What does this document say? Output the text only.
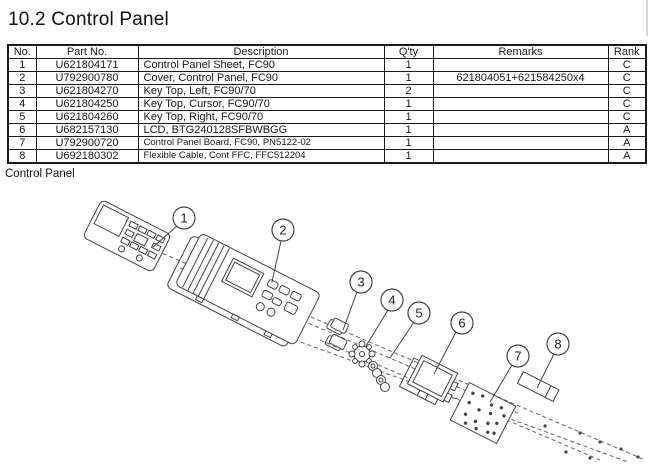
10.2 Control Panel
No.	Part No.	Description	Q'ty	Remarks	Rank
1	U621804171	Control Panel Sheet, FC90	1		C
2	U792900780	Cover, Control Panel, FC90	1	621804051+621584250x4	C
3	U621804270	Key Top, Left, FC90/70	2		C
4	U621804250	Key Top, Cursor, FC90/70	1		C
5	U621804260	Key Top, Right, FC90/70	1		C
6	U682157130	LCD, BTG240128SFBWBGG	1		A
7	U792900720	Control Panel Board, FC90, PN5122-02	1		A
8	U692180302	Flexible Cable, Cont FFC, FFC512204	1		A
Control Panel
1
2
3
4
5
6
7
8
